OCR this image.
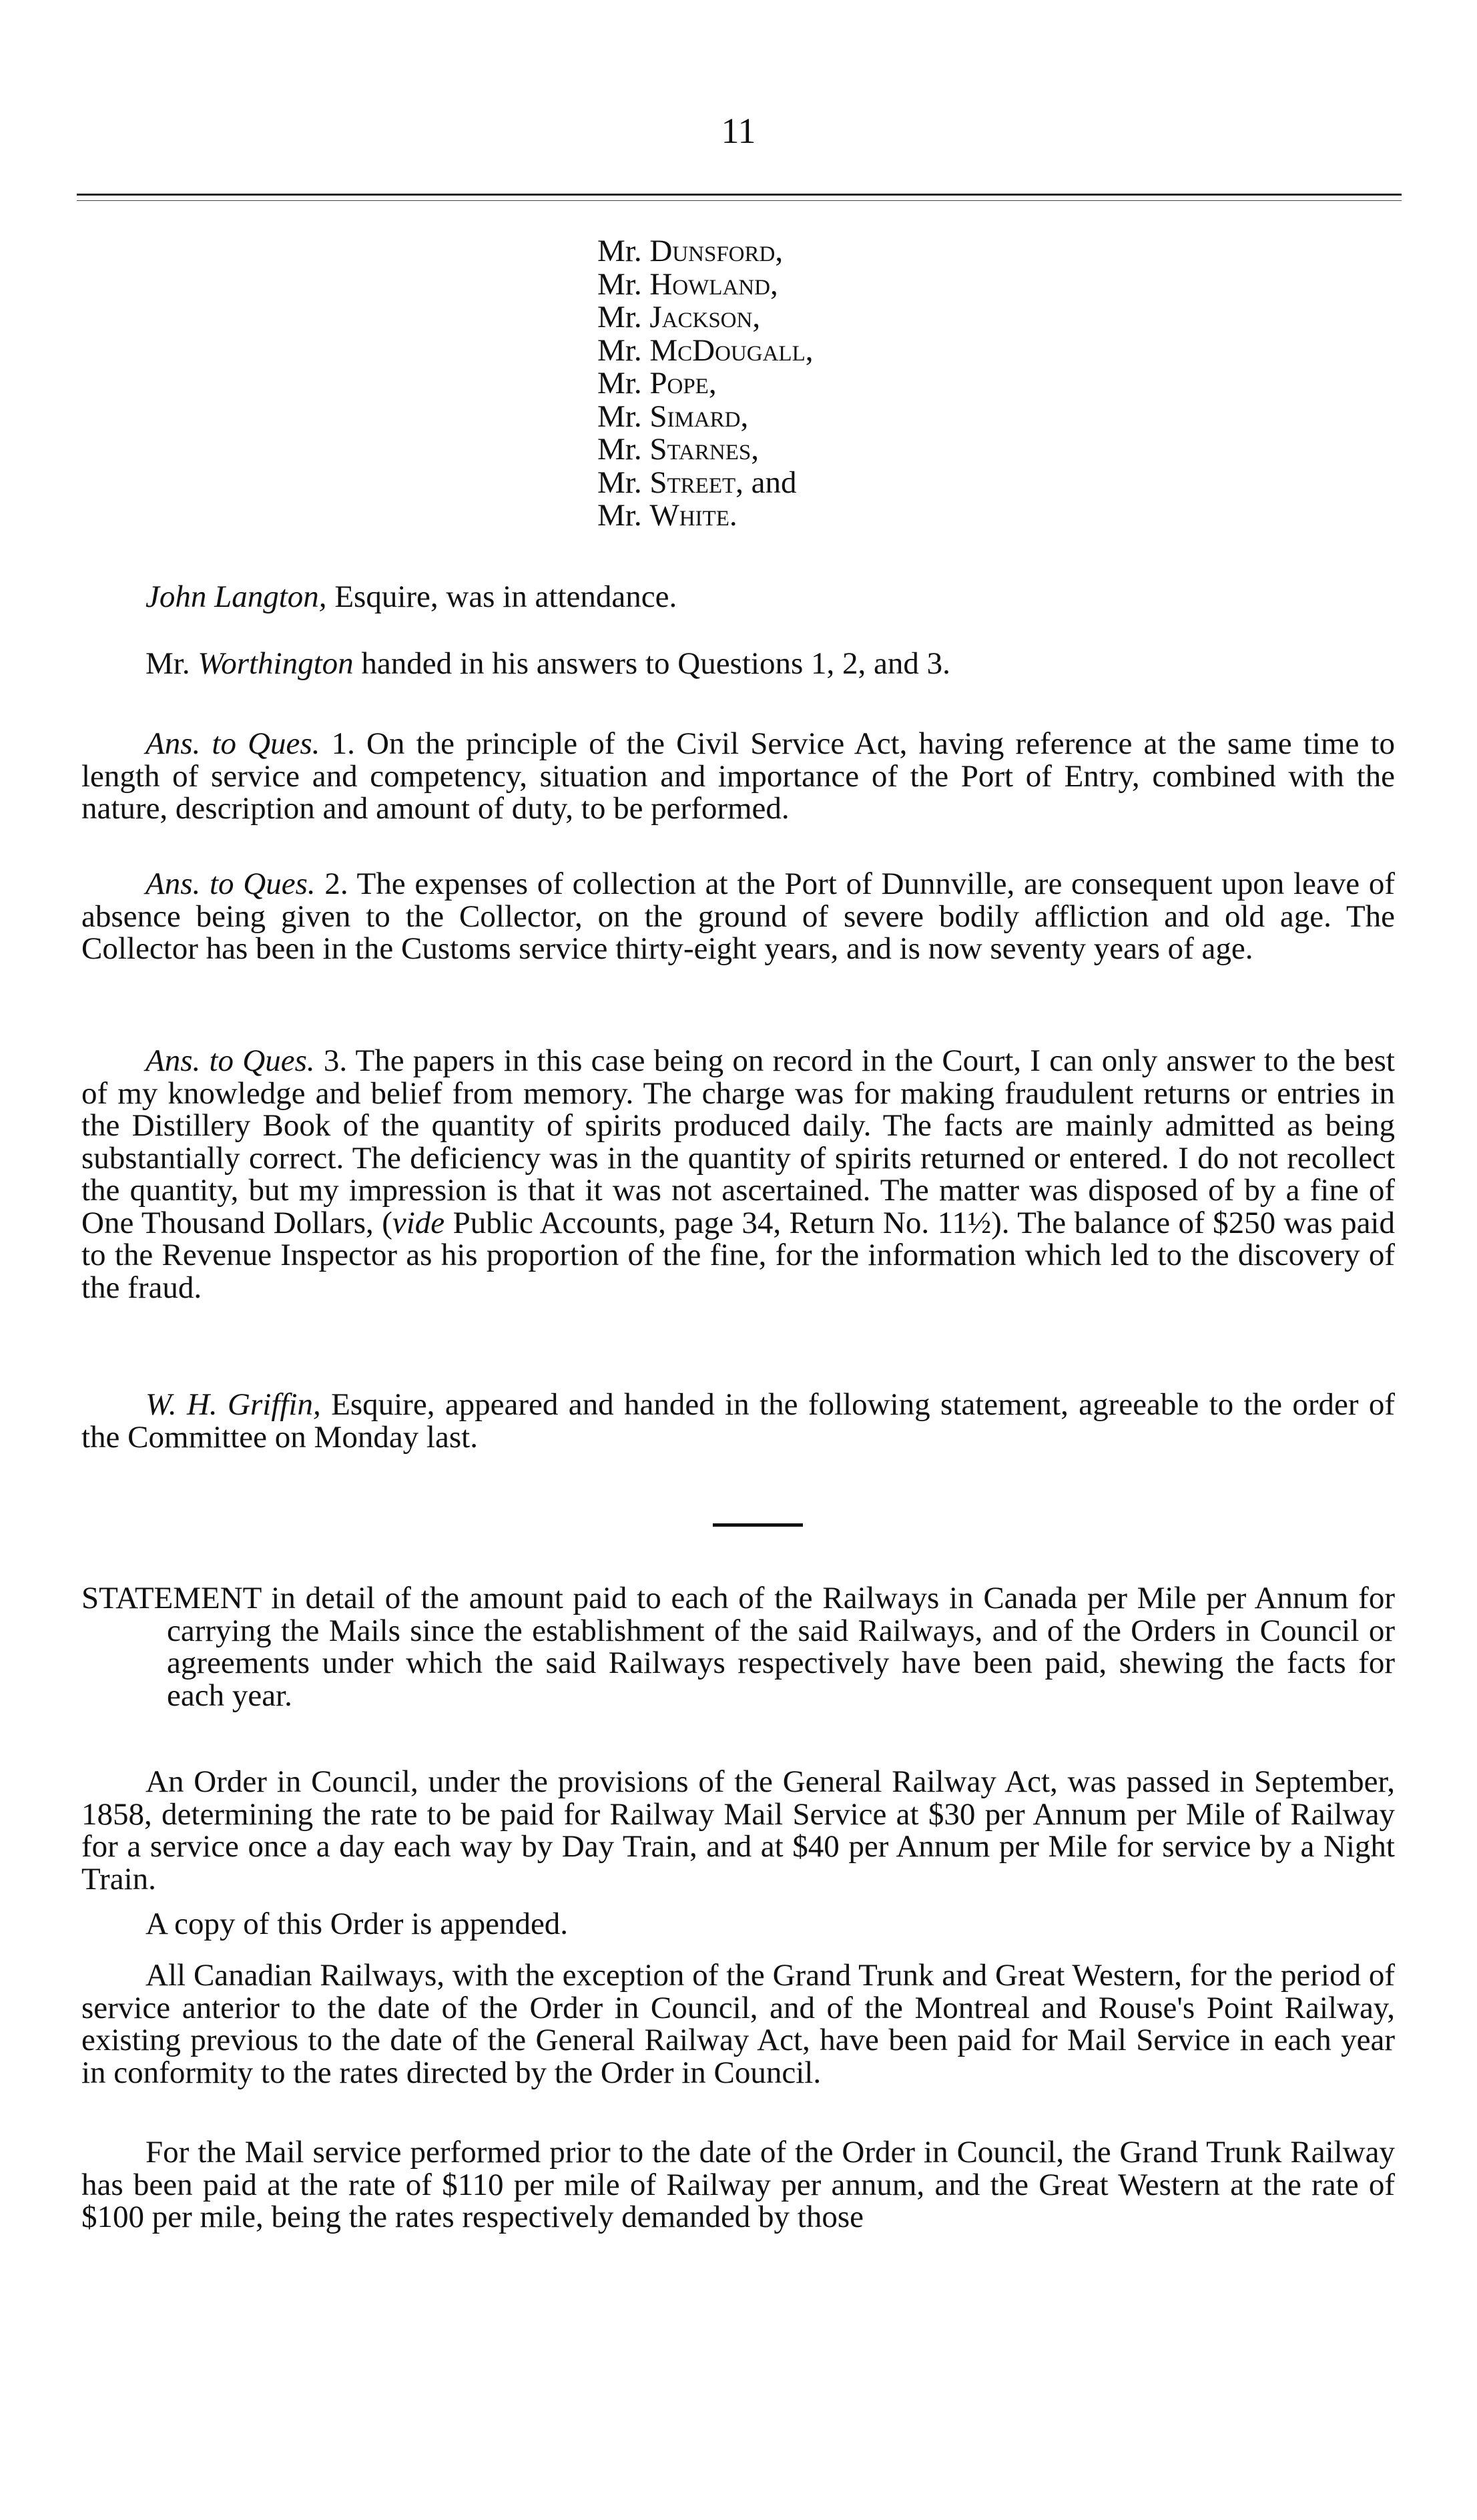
11
Mr. Dunsford,
Mr. Howland,
Mr. Jackson,
Mr. McDougall,
Mr. Pope,
Mr. Simard,
Mr. Starnes,
Mr. Street, and
Mr. White.
John Langton, Esquire, was in attendance.
Mr. Worthington handed in his answers to Questions 1, 2, and 3.
Ans. to Ques. 1. On the principle of the Civil Service Act, having reference at the same time to length of service and competency, situation and importance of the Port of Entry, combined with the nature, description and amount of duty, to be performed.
Ans. to Ques. 2. The expenses of collection at the Port of Dunnville, are consequent upon leave of absence being given to the Collector, on the ground of severe bodily affliction and old age. The Collector has been in the Customs service thirty-eight years, and is now seventy years of age.
Ans. to Ques. 3. The papers in this case being on record in the Court, I can only answer to the best of my knowledge and belief from memory. The charge was for making fraudulent returns or entries in the Distillery Book of the quantity of spirits produced daily. The facts are mainly admitted as being substantially correct. The deficiency was in the quantity of spirits returned or entered. I do not recollect the quantity, but my impression is that it was not ascertained. The matter was disposed of by a fine of One Thousand Dollars, (vide Public Accounts, page 34, Return No. 11½). The balance of $250 was paid to the Revenue Inspector as his proportion of the fine, for the information which led to the discovery of the fraud.
W. H. Griffin, Esquire, appeared and handed in the following statement, agreeable to the order of the Committee on Monday last.
STATEMENT in detail of the amount paid to each of the Railways in Canada per Mile per Annum for carrying the Mails since the establishment of the said Railways, and of the Orders in Council or agreements under which the said Railways respectively have been paid, shewing the facts for each year.
An Order in Council, under the provisions of the General Railway Act, was passed in September, 1858, determining the rate to be paid for Railway Mail Service at $30 per Annum per Mile of Railway for a service once a day each way by Day Train, and at $40 per Annum per Mile for service by a Night Train.
A copy of this Order is appended.
All Canadian Railways, with the exception of the Grand Trunk and Great Western, for the period of service anterior to the date of the Order in Council, and of the Montreal and Rouse's Point Railway, existing previous to the date of the General Railway Act, have been paid for Mail Service in each year in conformity to the rates directed by the Order in Council.
For the Mail service performed prior to the date of the Order in Council, the Grand Trunk Railway has been paid at the rate of $110 per mile of Railway per annum, and the Great Western at the rate of $100 per mile, being the rates respectively demanded by those
